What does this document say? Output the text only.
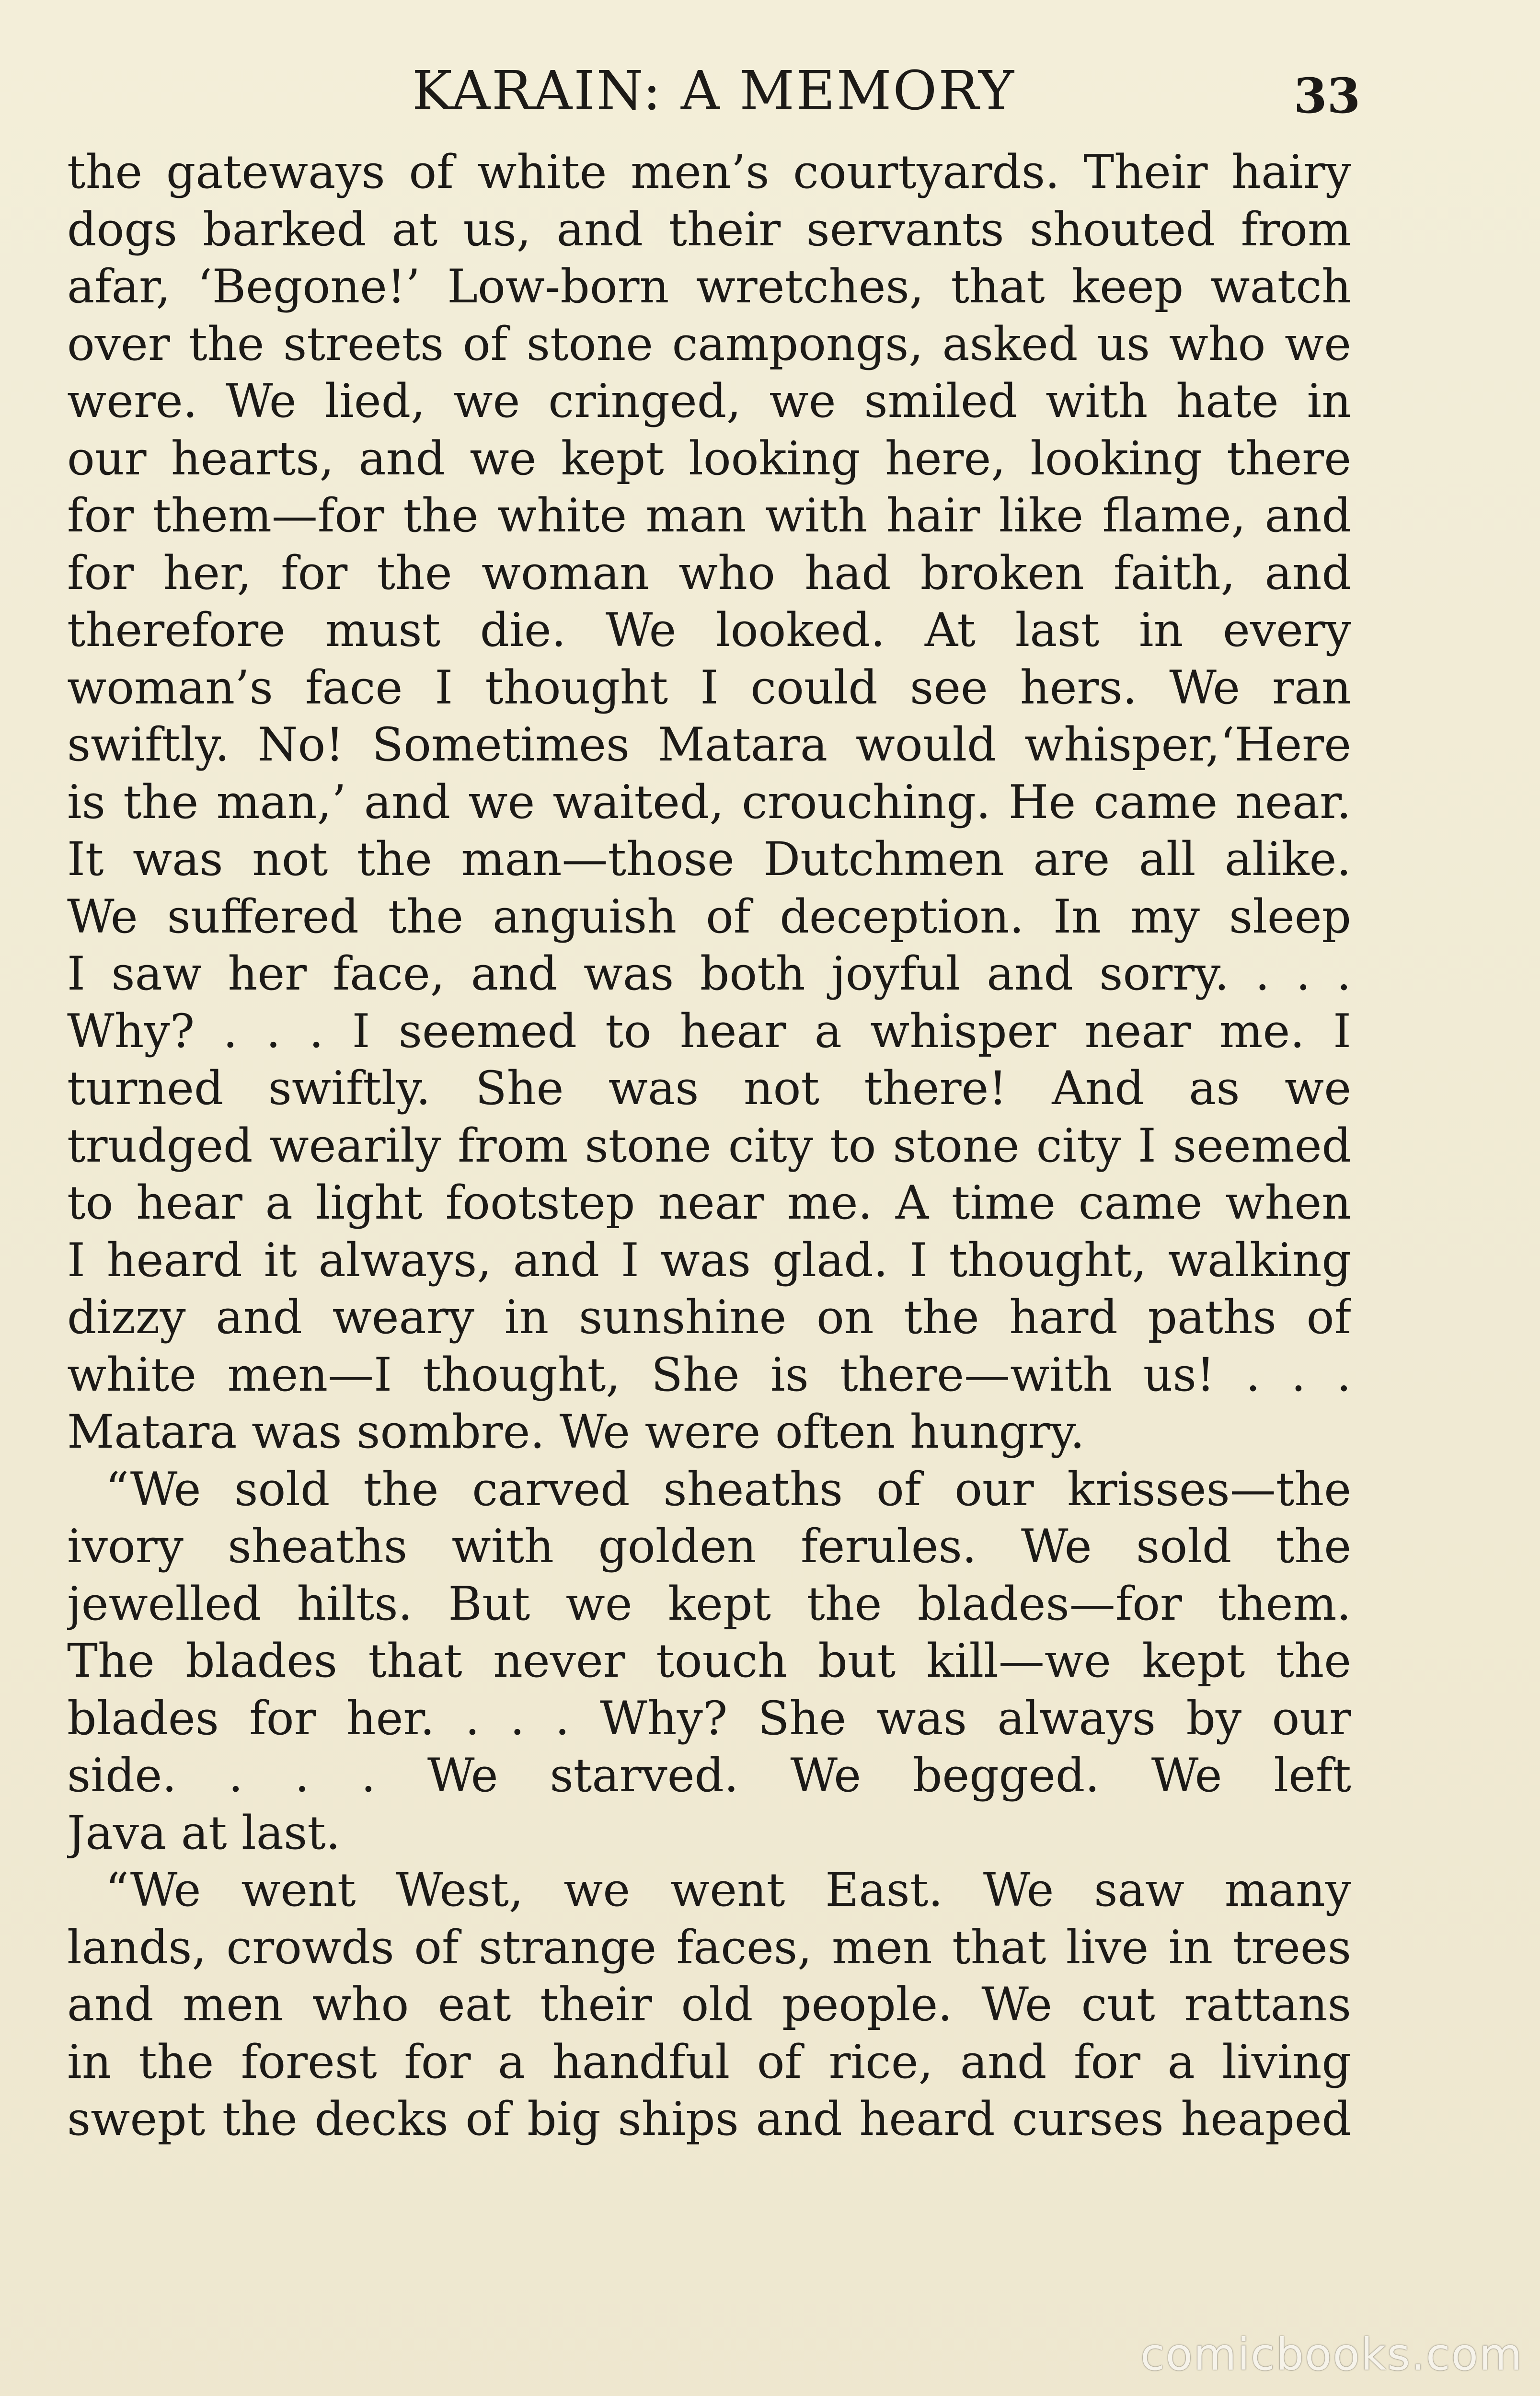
KARAIN: A MEMORY	33
the gateways of white men’s courtyards. Their hairy
dogs barked at us, and their servants shouted from
afar, ‘Begone!’ Low-born wretches, that keep watch
over the streets of stone campongs, asked us who we
were. We lied, we cringed, we smiled with hate in
our hearts, and we kept looking here, looking there
for them—for the white man with hair like flame, and
for her, for the woman who had broken faith, and
therefore must die. We looked. At last in every
woman’s face I thought I could see hers. We ran
swiftly. No! Sometimes Matara would whisper,‘Here
is the man,’ and we waited, crouching. He came near.
It was not the man—those Dutchmen are all alike.
We suffered the anguish of deception. In my sleep
I saw her face, and was both joyful and sorry. . . .
Why? . . . I seemed to hear a whisper near me. I
turned swiftly. She was not there! And as we
trudged wearily from stone city to stone city I seemed
to hear a light footstep near me. A time came when
I heard it always, and I was glad. I thought, walking
dizzy and weary in sunshine on the hard paths of
white men—I thought, She is there—with us! . . .
Matara was sombre. We were often hungry.
“We sold the carved sheaths of our krisses—the
ivory sheaths with golden ferules. We sold the
jewelled hilts. But we kept the blades—for them.
The blades that never touch but kill—we kept the
blades for her. . . . Why? She was always by our
side. . . . We starved. We begged. We left
Java at last.
“We went West, we went East. We saw many
lands, crowds of strange faces, men that live in trees
and men who eat their old people. We cut rattans
in the forest for a handful of rice, and for a living
swept the decks of big ships and heard curses heaped
comicbooks.com
